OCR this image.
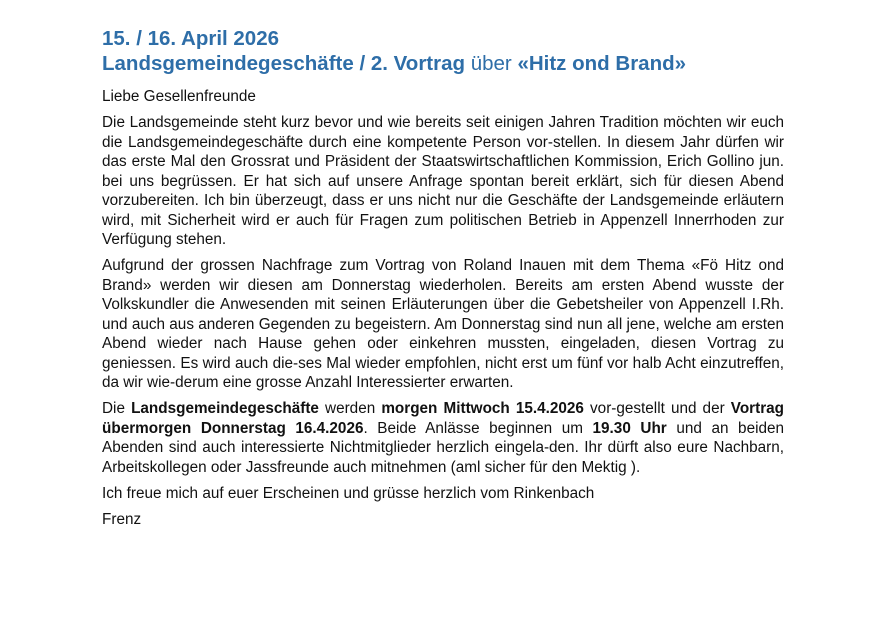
15. / 16. April 2026
Landsgemeindegeschäfte / 2. Vortrag über «Hitz ond Brand»

Liebe Gesellenfreunde

Die Landsgemeinde steht kurz bevor und wie bereits seit einigen Jahren Tradition möchten wir euch die Landsgemeindegeschäfte durch eine kompetente Person vor-stellen. In diesem Jahr dürfen wir das erste Mal den Grossrat und Präsident der Staatswirtschaftlichen Kommission, Erich Gollino jun. bei uns begrüssen. Er hat sich auf unsere Anfrage spontan bereit erklärt, sich für diesen Abend vorzubereiten. Ich bin überzeugt, dass er uns nicht nur die Geschäfte der Landsgemeinde erläutern wird, mit Sicherheit wird er auch für Fragen zum politischen Betrieb in Appenzell Innerrhoden zur Verfügung stehen.

Aufgrund der grossen Nachfrage zum Vortrag von Roland Inauen mit dem Thema «Fö Hitz ond Brand» werden wir diesen am Donnerstag wiederholen. Bereits am ersten Abend wusste der Volkskundler die Anwesenden mit seinen Erläuterungen über die Gebetsheiler von Appenzell I.Rh. und auch aus anderen Gegenden zu begeistern. Am Donnerstag sind nun all jene, welche am ersten Abend wieder nach Hause gehen oder einkehren mussten, eingeladen, diesen Vortrag zu geniessen. Es wird auch die-ses Mal wieder empfohlen, nicht erst um fünf vor halb Acht einzutreffen, da wir wie-derum eine grosse Anzahl Interessierter erwarten.

Die Landsgemeindegeschäfte werden morgen Mittwoch 15.4.2026 vor-gestellt und der Vortrag übermorgen Donnerstag 16.4.2026. Beide Anlässe beginnen um 19.30 Uhr und an beiden Abenden sind auch interessierte Nichtmitglieder herzlich eingela-den. Ihr dürft also eure Nachbarn, Arbeitskollegen oder Jassfreunde auch mitnehmen (aml sicher für den Mektig ).

Ich freue mich auf euer Erscheinen und grüsse herzlich vom Rinkenbach

Frenz
